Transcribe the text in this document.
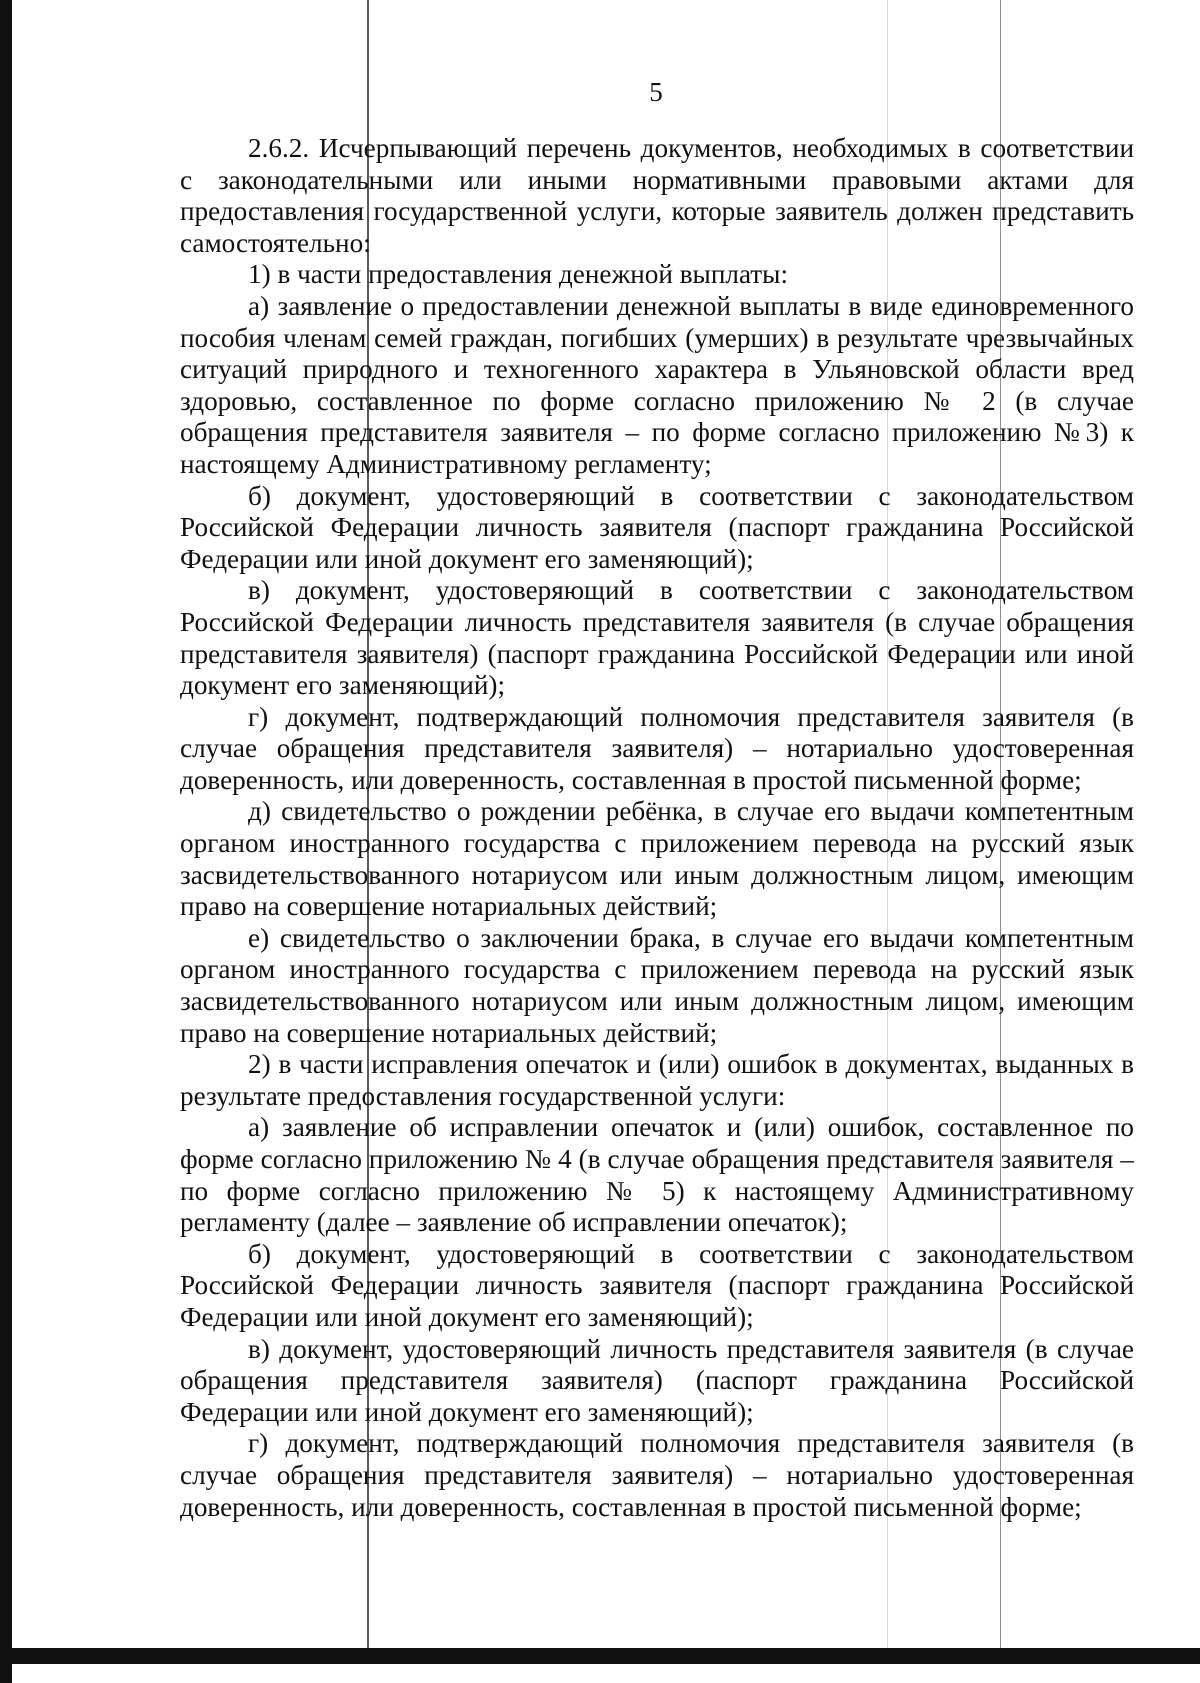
5

2.6.2. Исчерпывающий перечень документов, необходимых в соответствии с законодательными или иными нормативными правовыми актами для предоставления государственной услуги, которые заявитель должен представить самостоятельно:

1) в части предоставления денежной выплаты:

а) заявление о предоставлении денежной выплаты в виде единовременного пособия членам семей граждан, погибших (умерших) в результате чрезвычайных ситуаций природного и техногенного характера в Ульяновской области вред здоровью, составленное по форме согласно приложению № 2 (в случае обращения представителя заявителя – по форме согласно приложению №3) к настоящему Административному регламенту;

б) документ, удостоверяющий в соответствии с законодательством Российской Федерации личность заявителя (паспорт гражданина Российской Федерации или иной документ его заменяющий);

в) документ, удостоверяющий в соответствии с законодательством Российской Федерации личность представителя заявителя (в случае обращения представителя заявителя) (паспорт гражданина Российской Федерации или иной документ его заменяющий);

г) документ, подтверждающий полномочия представителя заявителя (в случае обращения представителя заявителя) – нотариально удостоверенная доверенность, или доверенность, составленная в простой письменной форме;

д) свидетельство о рождении ребёнка, в случае его выдачи компетентным органом иностранного государства с приложением перевода на русский язык засвидетельствованного нотариусом или иным должностным лицом, имеющим право на совершение нотариальных действий;

е) свидетельство о заключении брака, в случае его выдачи компетентным органом иностранного государства с приложением перевода на русский язык засвидетельствованного нотариусом или иным должностным лицом, имеющим право на совершение нотариальных действий;

2) в части исправления опечаток и (или) ошибок в документах, выданных в результате предоставления государственной услуги:

а) заявление об исправлении опечаток и (или) ошибок, составленное по форме согласно приложению № 4 (в случае обращения представителя заявителя – по форме согласно приложению № 5) к настоящему Административному регламенту (далее – заявление об исправлении опечаток);

б) документ, удостоверяющий в соответствии с законодательством Российской Федерации личность заявителя (паспорт гражданина Российской Федерации или иной документ его заменяющий);

в) документ, удостоверяющий личность представителя заявителя (в случае обращения представителя заявителя) (паспорт гражданина Российской Федерации или иной документ его заменяющий);

г) документ, подтверждающий полномочия представителя заявителя (в случае обращения представителя заявителя) – нотариально удостоверенная доверенность, или доверенность, составленная в простой письменной форме;
